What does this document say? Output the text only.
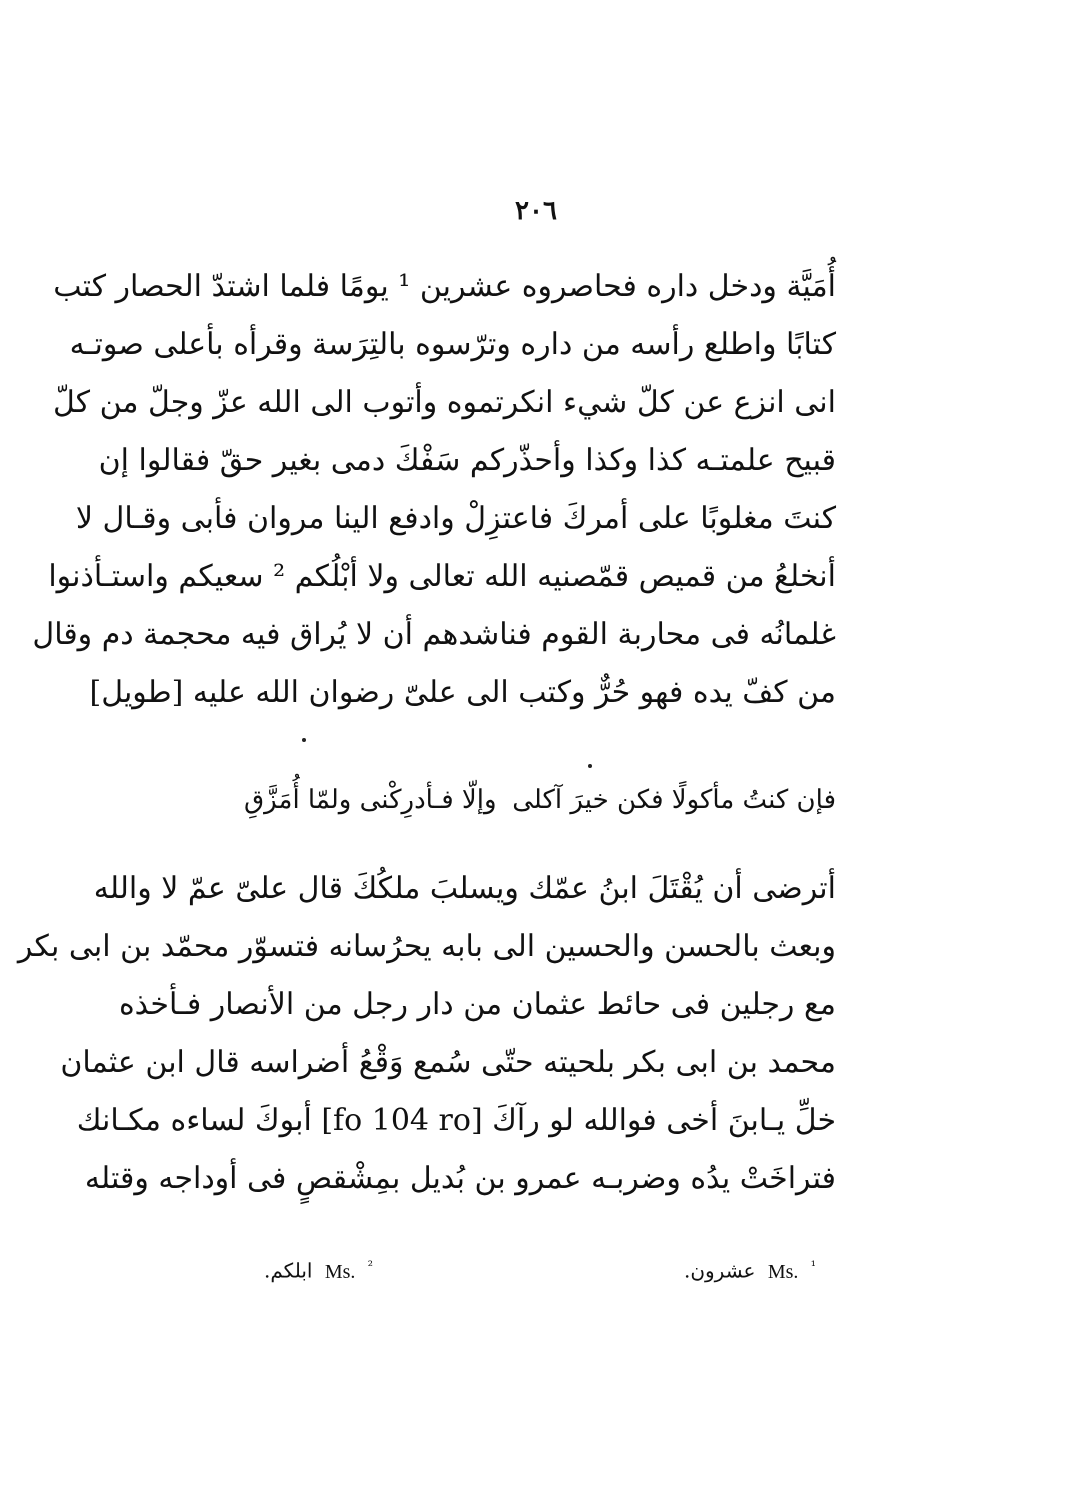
٢٠٦
أُمَيَّة ودخل داره فحاصروه عشرين ¹ يومًا فلما اشتدّ الحصار كتب
كتابًا واطلع رأسه من داره وترّسوه بالتِرَسة وقرأه بأعلى صوتـه
انى انزع عن كلّ شيء انكرتموه وأتوب الى الله عزّ وجلّ من كلّ
قبيح علمتـه كذا وكذا وأحذّركم سَفْكَ دمى بغير حقّ فقالوا إن
كنتَ مغلوبًا على أمركَ فاعتزِلْ وادفع الينا مروان فأبى وقـال لا
أنخلعُ من قميص قمّصنيه الله تعالى ولا أبْلُكم ² سعيكم واستـأذنوا
غلمانُه فى محاربة القوم فناشدهم أن لا يُراق فيه محجمة دم وقال
من كفّ يده فهو حُرٌّ وكتب الى علىّ رضوان الله عليه [طويل]
فإن كنتُ مأكولًا فكن خيرَ آكلى
وإلّا فـأدرِكْنى ولمّا أُمَزَّقِ
أترضى أن يُقْتَلَ ابنُ عمّك ويسلبَ ملكُكَ قال علىّ عمّ لا والله
وبعث بالحسن والحسين الى بابه يحرُسانه فتسوّر محمّد بن ابى بكر
مع رجلين فى حائط عثمان من دار رجل من الأنصار فـأخذه
محمد بن ابى بكر بلحيته حتّى سُمع وَقْعُ أضراسه قال ابن عثمان
خلِّ يـابنَ أخى فوالله لو رآكَ [fo 104 ro] أبوكَ لساءه مكـانك
فتراخَتْ يدُه وضربـه عمرو بن بُديل بمِشْقصٍ فى أوداجه وقتله
$^{^1}$ Ms. عشرون.
$^{^2}$ Ms. ابلكم.
